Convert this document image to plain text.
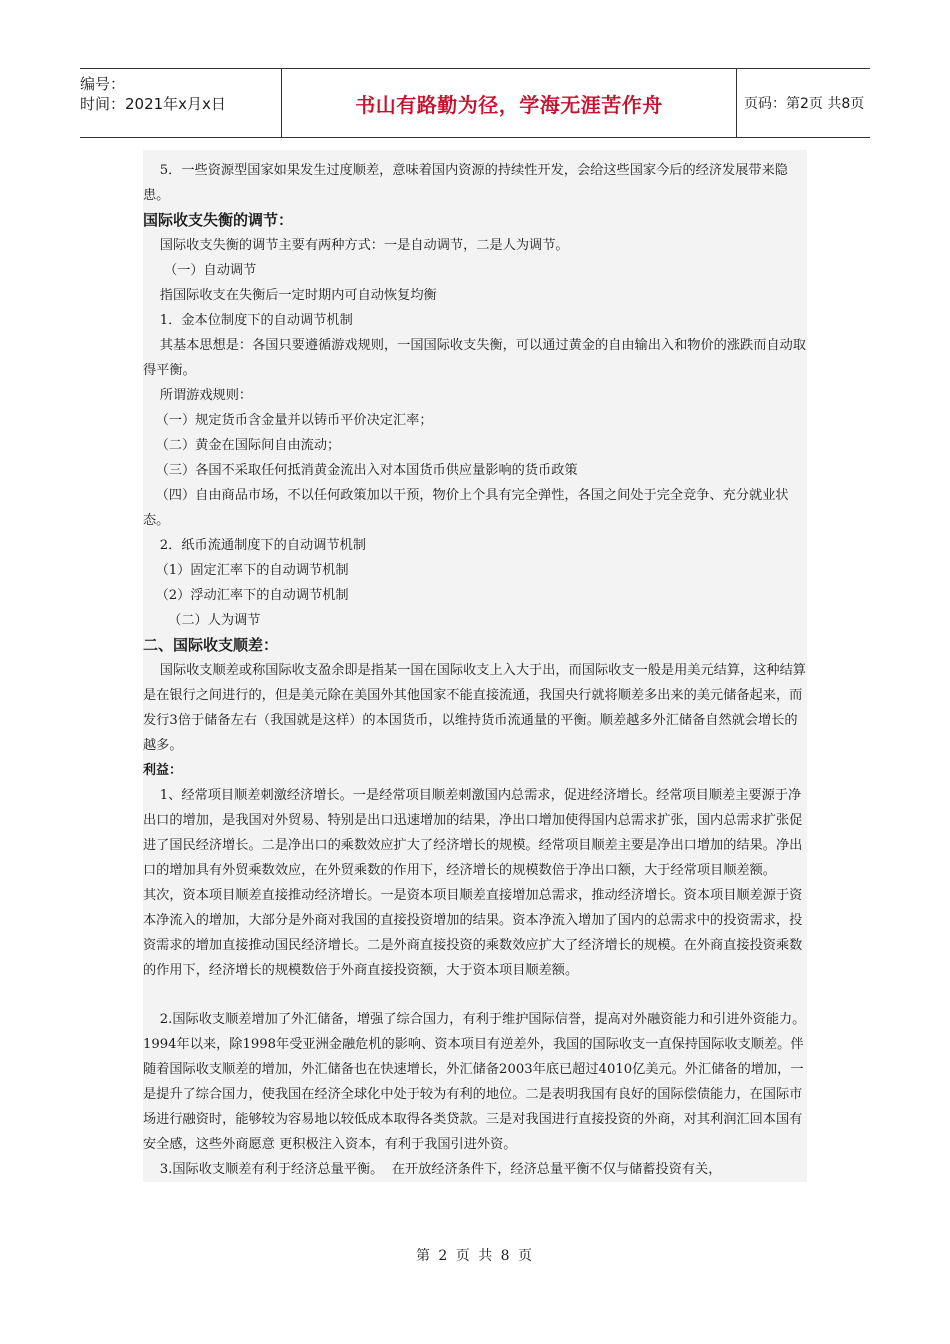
编号：
时间：2021年x月x日	书山有路勤为径，学海无涯苦作舟	页码：第2页 共8页

5．一些资源型国家如果发生过度顺差，意味着国内资源的持续性开发，会给这些国家今后的经济发展带来隐患。

国际收支失衡的调节：

国际收支失衡的调节主要有两种方式：一是自动调节，二是人为调节。

（一）自动调节

指国际收支在失衡后一定时期内可自动恢复均衡

1．金本位制度下的自动调节机制

其基本思想是：各国只要遵循游戏规则，一国国际收支失衡，可以通过黄金的自由输出入和物价的涨跌而自动取得平衡。

所谓游戏规则：

（一）规定货币含金量并以铸币平价决定汇率；

（二）黄金在国际间自由流动；

（三）各国不采取任何抵消黄金流出入对本国货币供应量影响的货币政策

（四）自由商品市场，不以任何政策加以干预，物价上个具有完全弹性，各国之间处于完全竞争、充分就业状态。

2．纸币流通制度下的自动调节机制

（1）固定汇率下的自动调节机制

（2）浮动汇率下的自动调节机制

（二）人为调节

二、国际收支顺差：

国际收支顺差或称国际收支盈余即是指某一国在国际收支上入大于出，而国际收支一般是用美元结算，这种结算是在银行之间进行的，但是美元除在美国外其他国家不能直接流通，我国央行就将顺差多出来的美元储备起来，而发行3倍于储备左右（我国就是这样）的本国货币，以维持货币流通量的平衡。顺差越多外汇储备自然就会增长的越多。

利益：

1、经常项目顺差刺激经济增长。一是经常项目顺差刺激国内总需求，促进经济增长。经常项目顺差主要源于净出口的增加，是我国对外贸易、特别是出口迅速增加的结果，净出口增加使得国内总需求扩张，国内总需求扩张促进了国民经济增长。二是净出口的乘数效应扩大了经济增长的规模。经常项目顺差主要是净出口增加的结果。净出口的增加具有外贸乘数效应，在外贸乘数的作用下，经济增长的规模数倍于净出口额，大于经常项目顺差额。

其次，资本项目顺差直接推动经济增长。一是资本项目顺差直接增加总需求，推动经济增长。资本项目顺差源于资本净流入的增加，大部分是外商对我国的直接投资增加的结果。资本净流入增加了国内的总需求中的投资需求，投资需求的增加直接推动国民经济增长。二是外商直接投资的乘数效应扩大了经济增长的规模。在外商直接投资乘数的作用下，经济增长的规模数倍于外商直接投资额，大于资本项目顺差额。

2.国际收支顺差增加了外汇储备，增强了综合国力，有利于维护国际信誉，提高对外融资能力和引进外资能力。  1994年以来，除1998年受亚洲金融危机的影响、资本项目有逆差外，我国的国际收支一直保持国际收支顺差。伴随着国际收支顺差的增加，外汇储备也在快速增长，外汇储备2003年底已超过4010亿美元。外汇储备的增加，一是提升了综合国力，使我国在经济全球化中处于较为有利的地位。二是表明我国有良好的国际偿债能力，在国际市场进行融资时，能够较为容易地以较低成本取得各类贷款。三是对我国进行直接投资的外商，对其利润汇回本国有安全感，这些外商愿意 更积极注入资本，有利于我国引进外资。

3.国际收支顺差有利于经济总量平衡。  在开放经济条件下，经济总量平衡不仅与储蓄投资有关，

第 2 页 共 8 页
